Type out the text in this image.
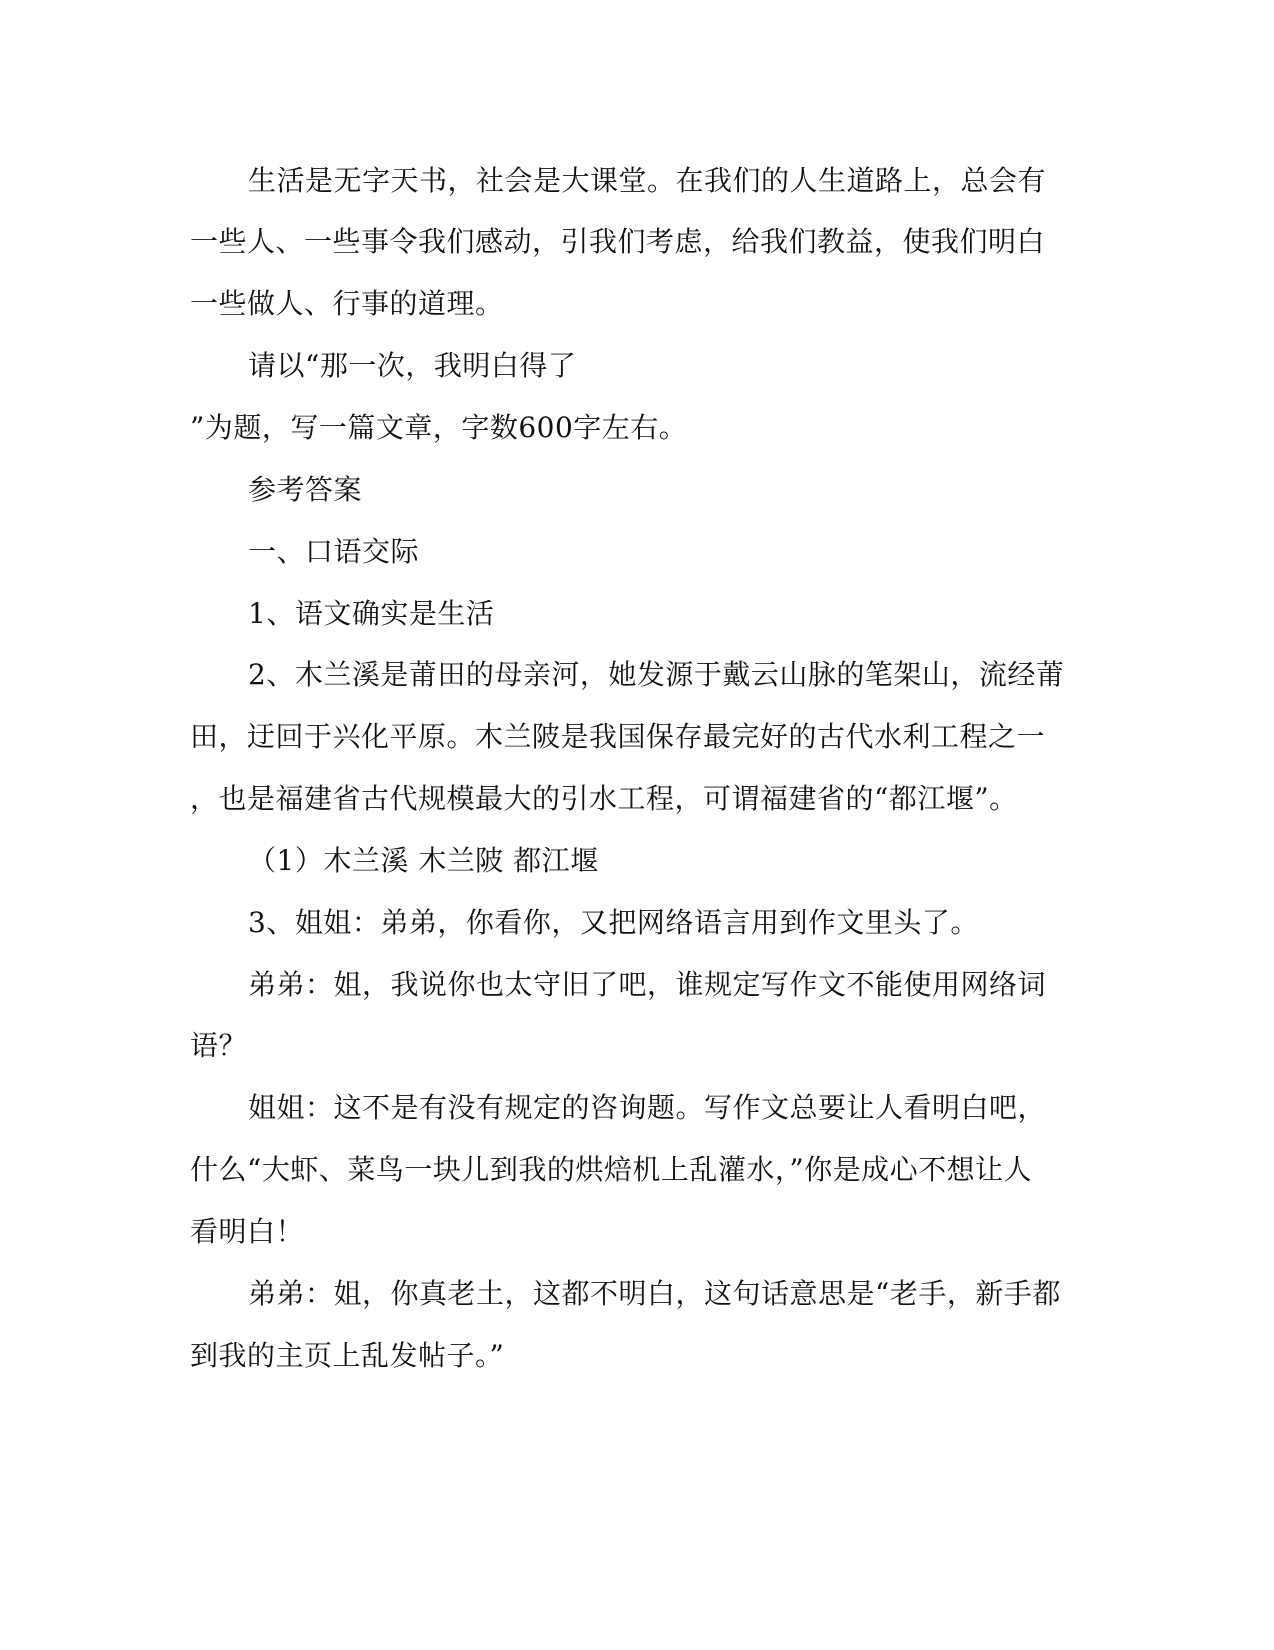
生活是无字天书，社会是大课堂。在我们的人生道路上，总会有
一些人、一些事令我们感动，引我们考虑，给我们教益，使我们明白
一些做人、行事的道理。
请以“那一次，我明白得了
”为题，写一篇文章，字数600字左右。
参考答案
一、口语交际
1、语文确实是生活
2、木兰溪是莆田的母亲河，她发源于戴云山脉的笔架山，流经莆
田，迂回于兴化平原。木兰陂是我国保存最完好的古代水利工程之一
，也是福建省古代规模最大的引水工程，可谓福建省的“都江堰”。
（1）木兰溪 木兰陂 都江堰
3、姐姐：弟弟，你看你，又把网络语言用到作文里头了。
弟弟：姐，我说你也太守旧了吧，谁规定写作文不能使用网络词
语？
姐姐：这不是有没有规定的咨询题。写作文总要让人看明白吧，
什么“大虾、菜鸟一块儿到我的烘焙机上乱灌水，”你是成心不想让人
看明白！
弟弟：姐，你真老土，这都不明白，这句话意思是“老手，新手都
到我的主页上乱发帖子。”
